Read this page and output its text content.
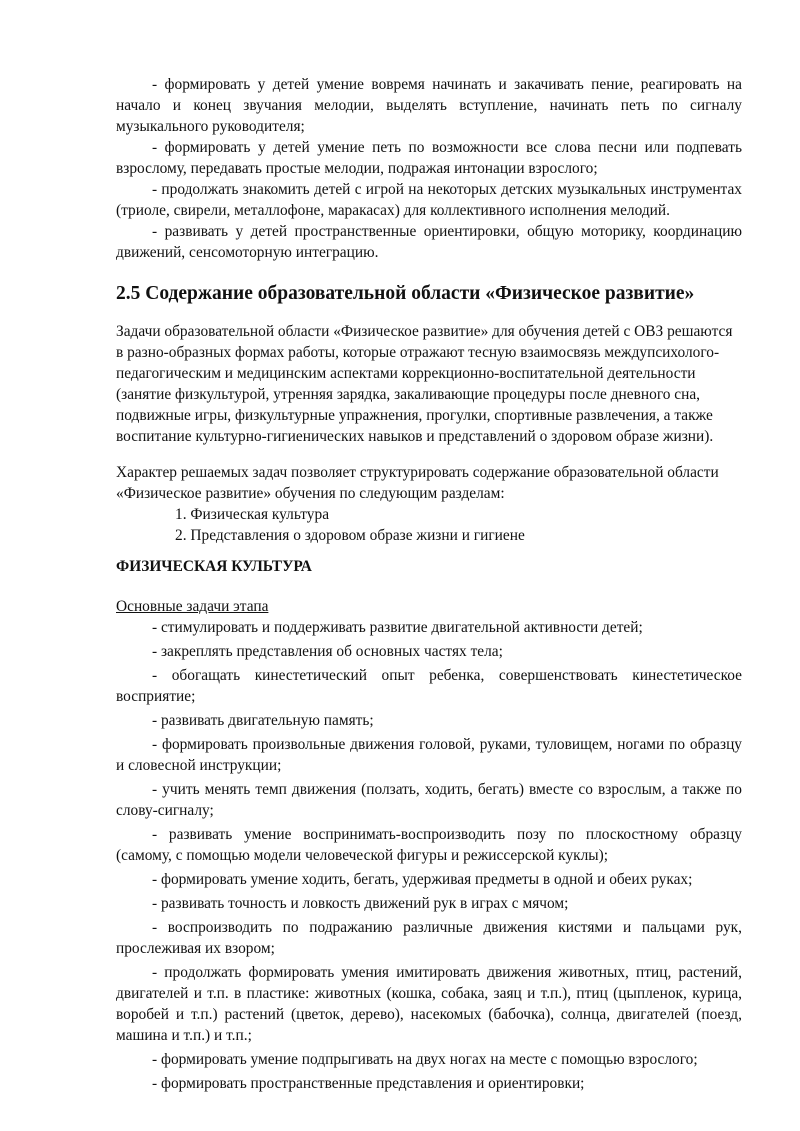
- формировать у детей умение вовремя начинать и закачивать пение, реагировать на начало и конец звучания мелодии, выделять вступление, начинать петь по сигналу музыкального руководителя;

- формировать у детей умение петь по возможности все слова песни или подпевать взрослому, передавать простые мелодии, подражая интонации взрослого;

- продолжать знакомить детей с игрой на некоторых детских музыкальных инструментах (триоле, свирели, металлофоне, маракасах) для коллективного исполнения мелодий.

- развивать у детей пространственные ориентировки, общую моторику, координацию движений, сенсомоторную интеграцию.

2.5 Содержание образовательной области «Физическое развитие»

Задачи образовательной области «Физическое развитие» для обучения детей с ОВЗ решаются в разно-образных формах работы, которые отражают тесную взаимосвязь междупсихолого-педагогическим и медицинским аспектами коррекционно-воспитательной деятельности (занятие физкультурой, утренняя зарядка, закаливающие процедуры после дневного сна, подвижные игры, физкультурные упражнения, прогулки, спортивные развлечения, а также воспитание культурно-гигиенических навыков и представлений о здоровом образе жизни).

Характер решаемых задач позволяет структурировать содержание образовательной области «Физическое развитие» обучения по следующим разделам:

1. Физическая культура
2. Представления о здоровом образе жизни и гигиене
ФИЗИЧЕСКАЯ КУЛЬТУРА

Основные задачи этапа

- стимулировать и поддерживать развитие двигательной активности детей;

- закреплять представления об основных частях тела;

- обогащать кинестетический опыт ребенка, совершенствовать кинестетическое восприятие;

- развивать двигательную память;

- формировать произвольные движения головой, руками, туловищем, ногами по образцу и словесной инструкции;

- учить менять темп движения (ползать, ходить, бегать) вместе со взрослым, а также по слову-сигналу;

- развивать умение воспринимать-воспроизводить позу по плоскостному образцу (самому, с помощью модели человеческой фигуры и режиссерской куклы);

- формировать умение ходить, бегать, удерживая предметы в одной и обеих руках;

- развивать точность и ловкость движений рук в играх с мячом;

- воспроизводить по подражанию различные движения кистями и пальцами рук, прослеживая их взором;

- продолжать формировать умения имитировать движения животных, птиц, растений, двигателей и т.п. в пластике: животных (кошка, собака, заяц и т.п.), птиц (цыпленок, курица, воробей и т.п.) растений (цветок, дерево), насекомых (бабочка), солнца, двигателей (поезд, машина и т.п.) и т.п.;

- формировать умение подпрыгивать на двух ногах на месте с помощью взрослого;

- формировать пространственные представления и ориентировки;
